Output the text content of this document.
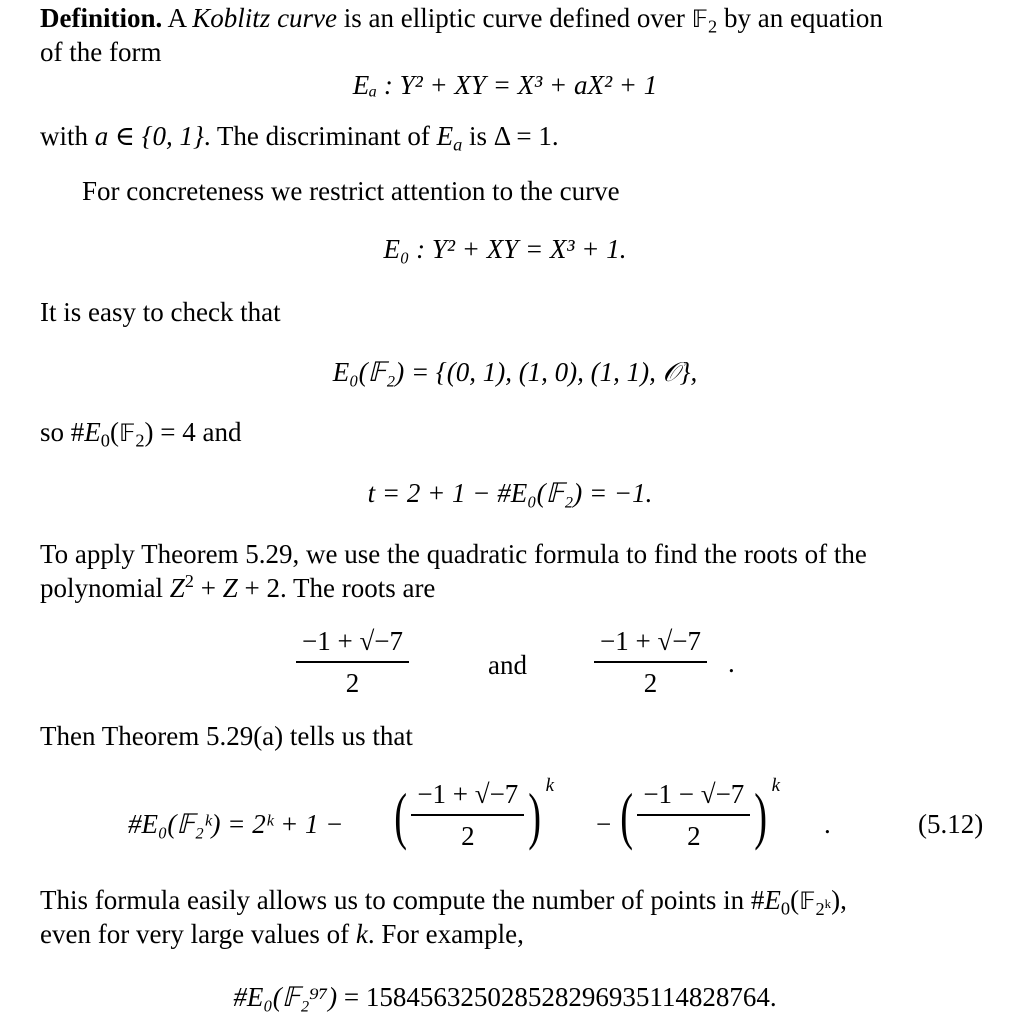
Definition. A Koblitz curve is an elliptic curve defined over 𝔽$_2$ by an equation
of the form
Eₐ : Y² + XY = X³ + aX² + 1
with a ∈ {0, 1}. The discriminant of $E_a$ is Δ = 1.
For concreteness we restrict attention to the curve
E₀ : Y² + XY = X³ + 1.
It is easy to check that
E₀(𝔽₂) = {(0, 1), (1, 0), (1, 1), 𝒪},
so $\#E_0(𝔽_2) = 4$ and
t = 2 + 1 − #E₀(𝔽₂) = −1.
To apply Theorem 5.29, we use the quadratic formula to find the roots of the
polynomial $Z^2 + Z + 2$. The roots are
$\frac{-1 + √-7}{2}$	and $\frac{-1 + √-7}{2}$ .
Then Theorem 5.29(a) tells us that
#E₀(𝔽₂ᵏ) = 2ᵏ + 1 − ( $\frac{-1 + √-7}{2}$ ) k
− ( $\frac{-1 - √-7}{2}$ ) k
.	(5.12)
This formula easily allows us to compute the number of points in $\#E_0(𝔽_{2^k})$,
even for very large values of k. For example,
#E₀(𝔽₂⁹⁷) = 158456325028528296935114828764.
